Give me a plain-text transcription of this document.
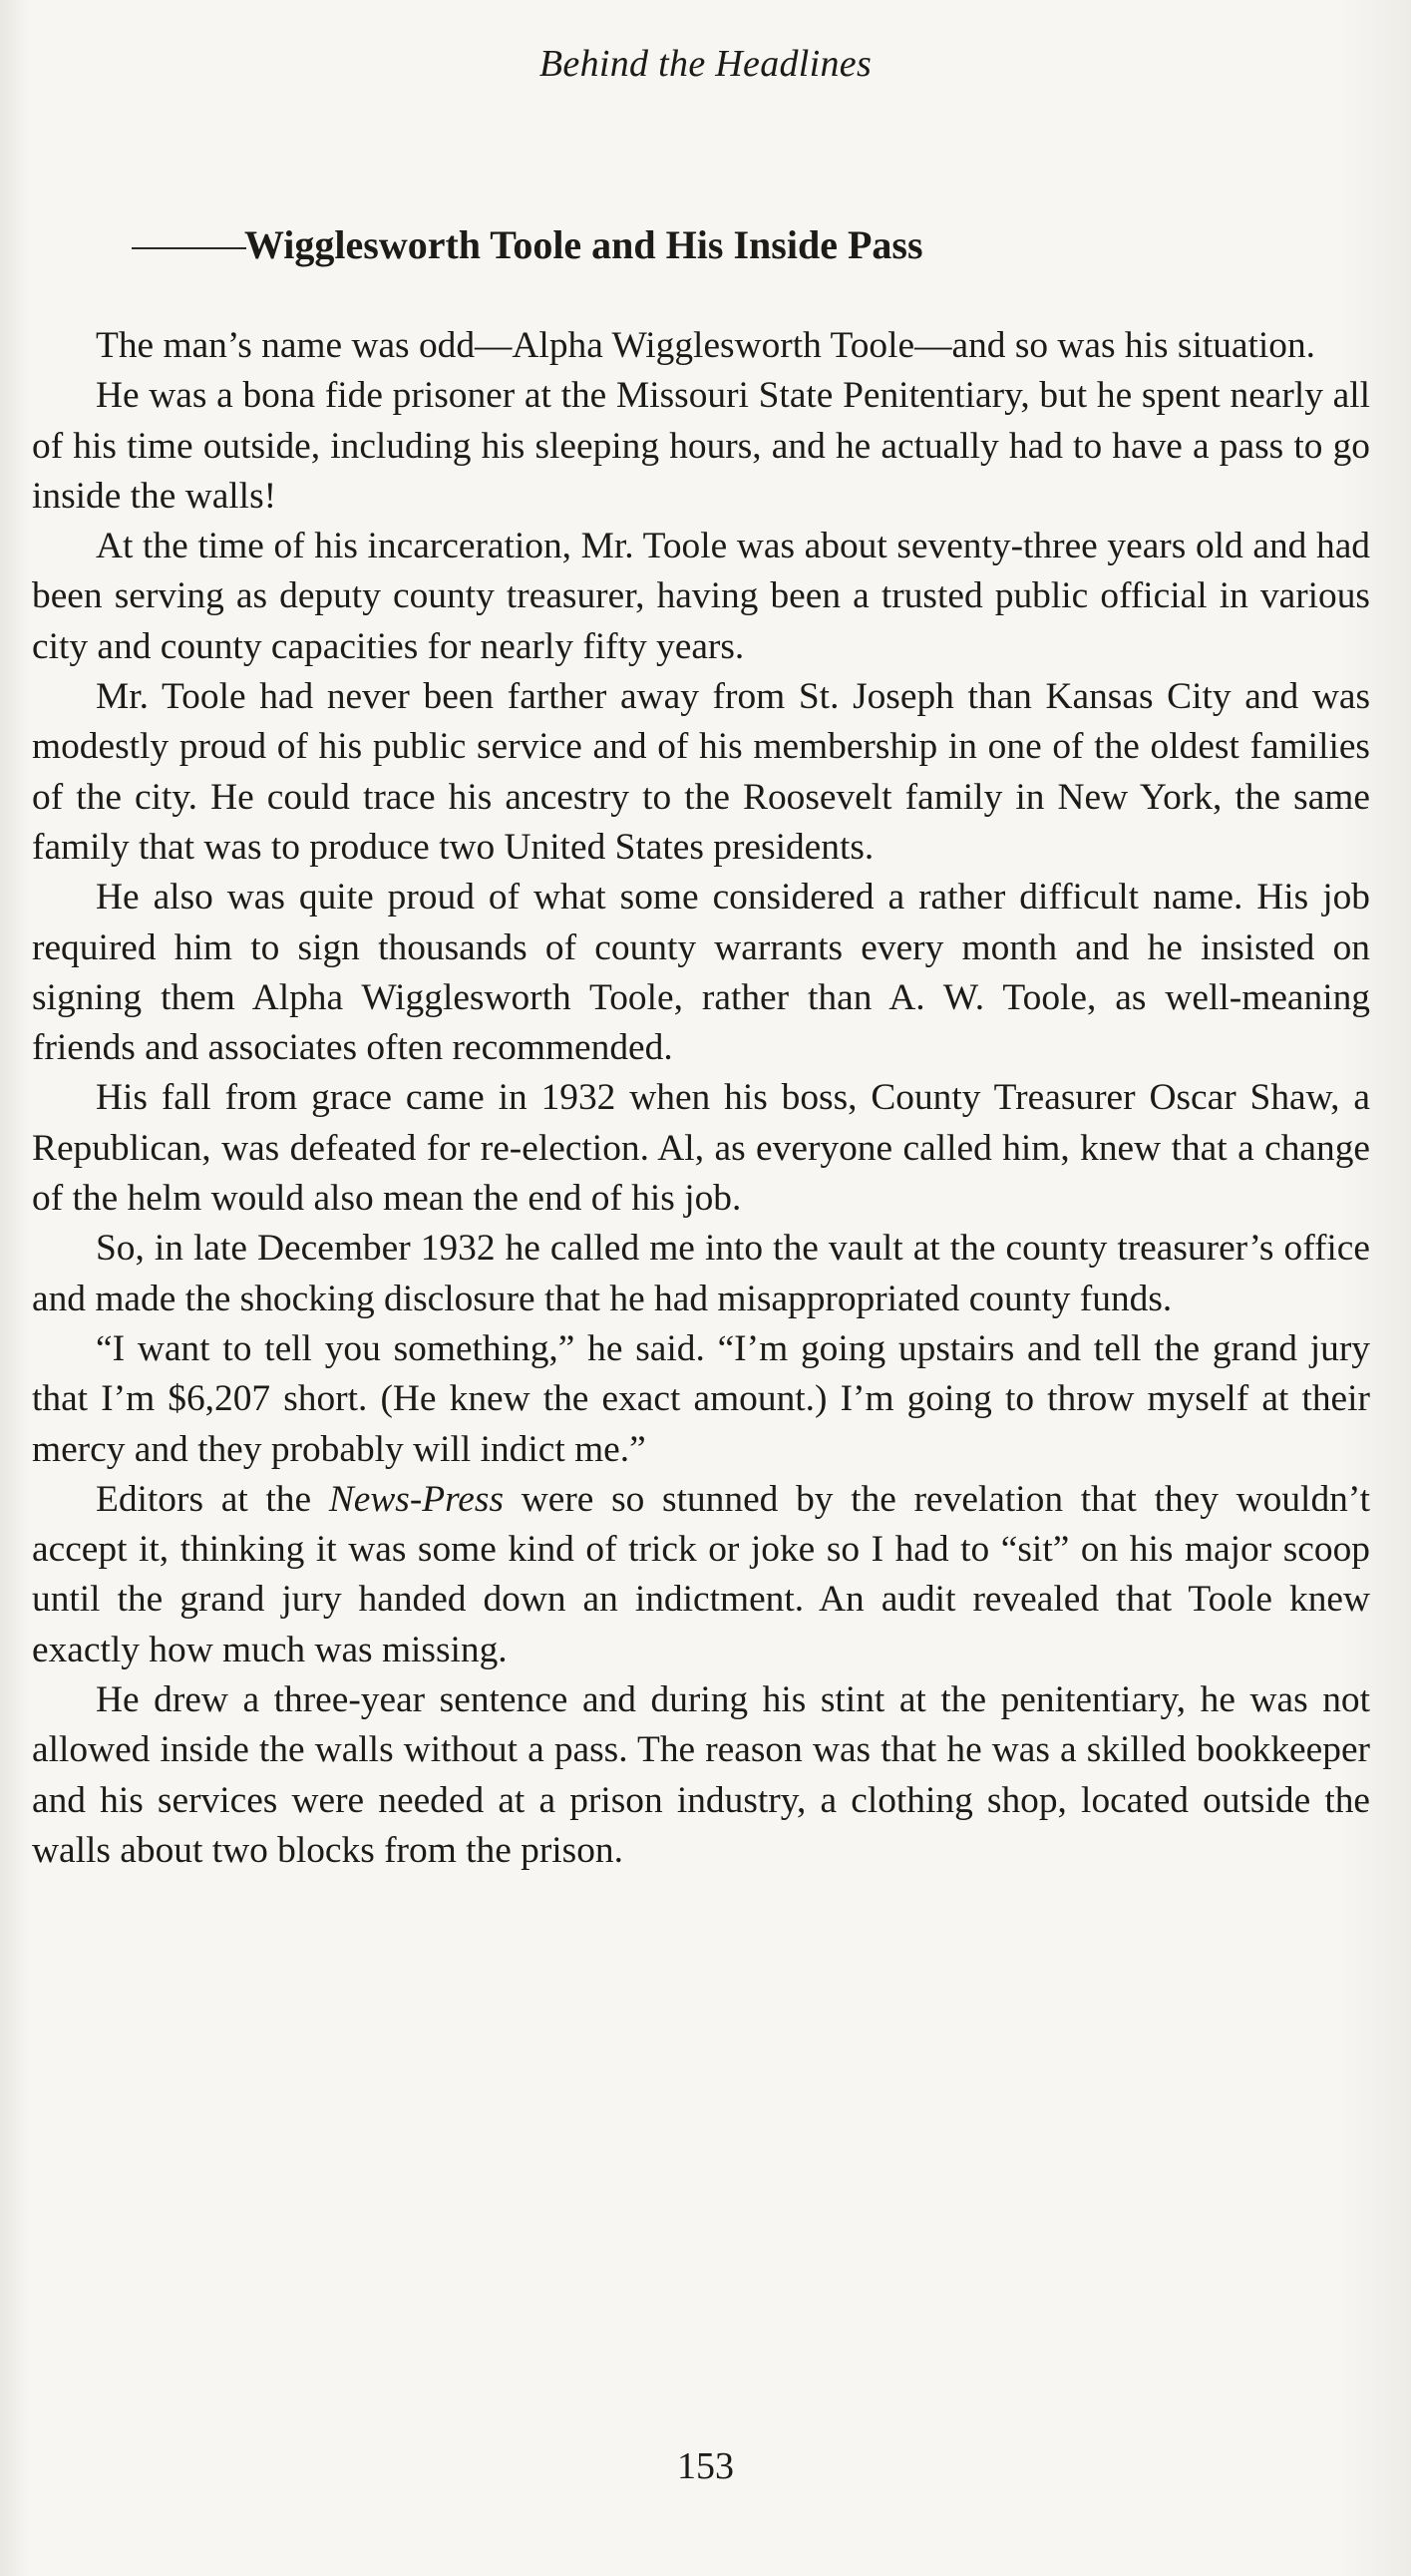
Behind the Headlines
Wigglesworth Toole and His Inside Pass

The man’s name was odd—Alpha Wigglesworth Toole—and so was his situation.

He was a bona fide prisoner at the Missouri State Penitentiary, but he spent nearly all of his time outside, including his sleeping hours, and he actually had to have a pass to go inside the walls!

At the time of his incarceration, Mr. Toole was about seventy-three years old and had been serving as deputy county treasurer, having been a trusted public official in various city and county capacities for nearly fifty years.

Mr. Toole had never been farther away from St. Joseph than Kansas City and was modestly proud of his public service and of his membership in one of the oldest families of the city. He could trace his ancestry to the Roosevelt family in New York, the same family that was to produce two United States presidents.

He also was quite proud of what some considered a rather difficult name. His job required him to sign thousands of county warrants every month and he insisted on signing them Alpha Wigglesworth Toole, rather than A. W. Toole, as well-meaning friends and associates often recommended.

His fall from grace came in 1932 when his boss, County Treasurer Oscar Shaw, a Republican, was defeated for re-election. Al, as everyone called him, knew that a change of the helm would also mean the end of his job.

So, in late December 1932 he called me into the vault at the county treasurer’s office and made the shocking disclosure that he had misappropriated county funds.

“I want to tell you something,” he said. “I’m going upstairs and tell the grand jury that I’m $6,207 short. (He knew the exact amount.) I’m going to throw myself at their mercy and they probably will indict me.”

Editors at the News-Press were so stunned by the revelation that they wouldn’t accept it, thinking it was some kind of trick or joke so I had to “sit” on his major scoop until the grand jury handed down an indictment. An audit revealed that Toole knew exactly how much was missing.

He drew a three-year sentence and during his stint at the penitentiary, he was not allowed inside the walls without a pass. The reason was that he was a skilled bookkeeper and his services were needed at a prison industry, a clothing shop, located outside the walls about two blocks from the prison.

153
